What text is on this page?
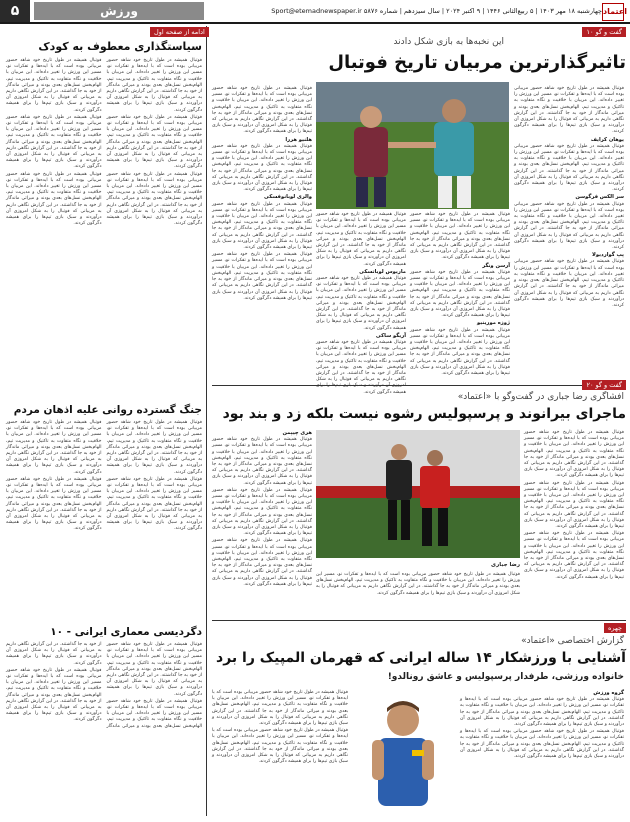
۵	ورزش	چهارشنبه ۱۸ مهر ۱۴۰۳ | ۵ ربیع‌الثانی ۱۴۴۶ | ۹ اکتبر ۲۰۲۴ | سال سیزدهم | شماره ۵۸۷۶ Sport@etemadnewspaper.ir اعتماد
گفت و گو ۱۰
این نخبه‌ها به بازی شکل دادند
تاثیرگذارترین مربیان تاریخ فوتبال

فوتبال همیشه در طول تاریخ خود شاهد حضور مربیانی بوده است که با ایده‌ها و تفکرات نو، مسیر این ورزش را تغییر داده‌اند. این مربیان با خلاقیت و نگاه متفاوت به تاکتیک و مدیریت تیم، الهام‌بخش نسل‌های بعدی بودند و میراثی ماندگار از خود به جا گذاشتند. در این گزارش نگاهی داریم به مربیانی که فوتبال را به شکل امروزی آن درآوردند و سبک بازی تیم‌ها را برای همیشه دگرگون کردند.

یوهان کرایف

فوتبال همیشه در طول تاریخ خود شاهد حضور مربیانی بوده است که با ایده‌ها و تفکرات نو، مسیر این ورزش را تغییر داده‌اند. این مربیان با خلاقیت و نگاه متفاوت به تاکتیک و مدیریت تیم، الهام‌بخش نسل‌های بعدی بودند و میراثی ماندگار از خود به جا گذاشتند. در این گزارش نگاهی داریم به مربیانی که فوتبال را به شکل امروزی آن درآوردند و سبک بازی تیم‌ها را برای همیشه دگرگون کردند.

سر الکس فرگوسن

فوتبال همیشه در طول تاریخ خود شاهد حضور مربیانی بوده است که با ایده‌ها و تفکرات نو، مسیر این ورزش را تغییر داده‌اند. این مربیان با خلاقیت و نگاه متفاوت به تاکتیک و مدیریت تیم، الهام‌بخش نسل‌های بعدی بودند و میراثی ماندگار از خود به جا گذاشتند. در این گزارش نگاهی داریم به مربیانی که فوتبال را به شکل امروزی آن درآوردند و سبک بازی تیم‌ها را برای همیشه دگرگون کردند.

پپ گواردیولا

فوتبال همیشه در طول تاریخ خود شاهد حضور مربیانی بوده است که با ایده‌ها و تفکرات نو، مسیر این ورزش را تغییر داده‌اند. این مربیان با خلاقیت و نگاه متفاوت به تاکتیک و مدیریت تیم، الهام‌بخش نسل‌های بعدی بودند و میراثی ماندگار از خود به جا گذاشتند. در این گزارش نگاهی داریم به مربیانی که فوتبال را به شکل امروزی آن درآوردند و سبک بازی تیم‌ها را برای همیشه دگرگون کردند.

فوتبال همیشه در طول تاریخ خود شاهد حضور مربیانی بوده است که با ایده‌ها و تفکرات نو، مسیر این ورزش را تغییر داده‌اند. این مربیان با خلاقیت و نگاه متفاوت به تاکتیک و مدیریت تیم، الهام‌بخش نسل‌های بعدی بودند و میراثی ماندگار از خود به جا گذاشتند. در این گزارش نگاهی داریم به مربیانی که فوتبال را به شکل امروزی آن درآوردند و سبک بازی تیم‌ها را برای همیشه دگرگون کردند.

آرسن ونگر

فوتبال همیشه در طول تاریخ خود شاهد حضور مربیانی بوده است که با ایده‌ها و تفکرات نو، مسیر این ورزش را تغییر داده‌اند. این مربیان با خلاقیت و نگاه متفاوت به تاکتیک و مدیریت تیم، الهام‌بخش نسل‌های بعدی بودند و میراثی ماندگار از خود به جا گذاشتند. در این گزارش نگاهی داریم به مربیانی که فوتبال را به شکل امروزی آن درآوردند و سبک بازی تیم‌ها را برای همیشه دگرگون کردند.

ژوزه مورینیو

فوتبال همیشه در طول تاریخ خود شاهد حضور مربیانی بوده است که با ایده‌ها و تفکرات نو، مسیر این ورزش را تغییر داده‌اند. این مربیان با خلاقیت و نگاه متفاوت به تاکتیک و مدیریت تیم، الهام‌بخش نسل‌های بعدی بودند و میراثی ماندگار از خود به جا گذاشتند. در این گزارش نگاهی داریم به مربیانی که فوتبال را به شکل امروزی آن درآوردند و سبک بازی تیم‌ها را برای همیشه دگرگون کردند.

فوتبال همیشه در طول تاریخ خود شاهد حضور مربیانی بوده است که با ایده‌ها و تفکرات نو، مسیر این ورزش را تغییر داده‌اند. این مربیان با خلاقیت و نگاه متفاوت به تاکتیک و مدیریت تیم، الهام‌بخش نسل‌های بعدی بودند و میراثی ماندگار از خود به جا گذاشتند. در این گزارش نگاهی داریم به مربیانی که فوتبال را به شکل امروزی آن درآوردند و سبک بازی تیم‌ها را برای همیشه دگرگون کردند.

ماریوس لوباتسکی

فوتبال همیشه در طول تاریخ خود شاهد حضور مربیانی بوده است که با ایده‌ها و تفکرات نو، مسیر این ورزش را تغییر داده‌اند. این مربیان با خلاقیت و نگاه متفاوت به تاکتیک و مدیریت تیم، الهام‌بخش نسل‌های بعدی بودند و میراثی ماندگار از خود به جا گذاشتند. در این گزارش نگاهی داریم به مربیانی که فوتبال را به شکل امروزی آن درآوردند و سبک بازی تیم‌ها را برای همیشه دگرگون کردند.

آریگو ساکی

فوتبال همیشه در طول تاریخ خود شاهد حضور مربیانی بوده است که با ایده‌ها و تفکرات نو، مسیر این ورزش را تغییر داده‌اند. این مربیان با خلاقیت و نگاه متفاوت به تاکتیک و مدیریت تیم، الهام‌بخش نسل‌های بعدی بودند و میراثی ماندگار از خود به جا گذاشتند. در این گزارش نگاهی داریم به مربیانی که فوتبال را به شکل همیشه دگرگون کردند.

فوتبال همیشه در طول تاریخ خود شاهد حضور مربیانی بوده است که با ایده‌ها و تفکرات نو، مسیر این ورزش را تغییر داده‌اند. این مربیان با خلاقیت و نگاه متفاوت به تاکتیک و مدیریت تیم، الهام‌بخش نسل‌های بعدی بودند و میراثی ماندگار از خود به جا گذاشتند. در این گزارش نگاهی داریم به مربیانی که فوتبال را به شکل امروزی آن درآوردند و سبک بازی تیم‌ها را برای همیشه دگرگون کردند.

هلنیو هررا

فوتبال همیشه در طول تاریخ خود شاهد حضور مربیانی بوده است که با ایده‌ها و تفکرات نو، مسیر این ورزش را تغییر داده‌اند. این مربیان با خلاقیت و نگاه متفاوت به تاکتیک و مدیریت تیم، الهام‌بخش نسل‌های بعدی بودند و میراثی ماندگار از خود به جا گذاشتند. در این گزارش نگاهی داریم به مربیانی که فوتبال را به شکل امروزی آن درآوردند و سبک بازی تیم‌ها را برای همیشه دگرگون کردند.

والری لوبانوفسکی

فوتبال همیشه در طول تاریخ خود شاهد حضور مربیانی بوده است که با ایده‌ها و تفکرات نو، مسیر این ورزش را تغییر داده‌اند. این مربیان با خلاقیت و نگاه متفاوت به تاکتیک و مدیریت تیم، الهام‌بخش نسل‌های بعدی بودند و میراثی ماندگار از خود به جا گذاشتند. در این گزارش نگاهی داریم به مربیانی که فوتبال را به شکل امروزی آن درآوردند و سبک بازی تیم‌ها را برای همیشه دگرگون کردند.

فوتبال همیشه در طول تاریخ خود شاهد حضور مربیانی بوده است که با ایده‌ها و تفکرات نو، مسیر این ورزش را تغییر داده‌اند. این مربیان با خلاقیت و نگاه متفاوت به تاکتیک و مدیریت تیم، الهام‌بخش نسل‌های بعدی بودند و میراثی ماندگار از خود به جا گذاشتند. در این گزارش نگاهی داریم به مربیانی که فوتبال را به شکل امروزی آن درآوردند و سبک بازی تیم‌ها را برای همیشه دگرگون کردند.

گفت و گو ۲۰
افشاگری رضا جباری در گفت‌وگو با «اعتماد»
ماجرای بیرانوند و پرسپولیس رشوه نیست بلکه زد و بند بود
رضا جباری

فوتبال همیشه در طول تاریخ خود شاهد حضور مربیانی بوده است که با ایده‌ها و تفکرات نو، مسیر این ورزش را تغییر داده‌اند. این مربیان با خلاقیت و نگاه متفاوت به تاکتیک و مدیریت تیم، الهام‌بخش نسل‌های بعدی بودند و میراثی ماندگار از خود به جا گذاشتند. در این گزارش نگاهی داریم به مربیانی که فوتبال را به شکل امروزی آن درآوردند و سبک بازی تیم‌ها را برای همیشه دگرگون کردند.

فوتبال همیشه در طول تاریخ خود شاهد حضور مربیانی بوده است که با ایده‌ها و تفکرات نو، مسیر این ورزش را تغییر داده‌اند. این مربیان با خلاقیت و نگاه متفاوت به تاکتیک و مدیریت تیم، الهام‌بخش نسل‌های بعدی بودند و میراثی ماندگار از خود به جا گذاشتند. در این گزارش نگاهی داریم به مربیانی که فوتبال را به شکل امروزی آن درآوردند و سبک بازی تیم‌ها را برای همیشه دگرگون کردند.

فوتبال همیشه در طول تاریخ خود شاهد حضور مربیانی بوده است که با ایده‌ها و تفکرات نو، مسیر این ورزش را تغییر داده‌اند. این مربیان با خلاقیت و نگاه متفاوت به تاکتیک و مدیریت تیم، الهام‌بخش نسل‌های بعدی بودند و میراثی ماندگار از خود به جا گذاشتند. در این گزارش نگاهی داریم به مربیانی که فوتبال را به شکل امروزی آن درآوردند و سبک بازی تیم‌ها را برای همیشه دگرگون کردند.

هری چیپمن

فوتبال همیشه در طول تاریخ خود شاهد حضور مربیانی بوده است که با ایده‌ها و تفکرات نو، مسیر این ورزش را تغییر داده‌اند. این مربیان با خلاقیت و نگاه متفاوت به تاکتیک و مدیریت تیم، الهام‌بخش نسل‌های بعدی بودند و میراثی ماندگار از خود به جا گذاشتند. در این گزارش نگاهی داریم به مربیانی که فوتبال را به شکل امروزی آن درآوردند و سبک بازی تیم‌ها را برای همیشه دگرگون کردند.

فوتبال همیشه در طول تاریخ خود شاهد حضور مربیانی بوده است که با ایده‌ها و تفکرات نو، مسیر این ورزش را تغییر داده‌اند. این مربیان با خلاقیت و نگاه متفاوت به تاکتیک و مدیریت تیم، الهام‌بخش نسل‌های بعدی بودند و میراثی ماندگار از خود به جا گذاشتند. در این گزارش نگاهی داریم به مربیانی که فوتبال را به شکل امروزی آن درآوردند و سبک بازی تیم‌ها را برای همیشه دگرگون کردند.

فوتبال همیشه در طول تاریخ خود شاهد حضور مربیانی بوده است که با ایده‌ها و تفکرات نو، مسیر این ورزش را تغییر داده‌اند. این مربیان با خلاقیت و نگاه متفاوت به تاکتیک و مدیریت تیم، الهام‌بخش نسل‌های بعدی بودند و میراثی ماندگار از خود به جا گذاشتند. در این گزارش نگاهی داریم به مربیانی که فوتبال را به شکل امروزی آن درآوردند و سبک بازی تیم‌ها را برای همیشه دگرگون کردند.

فوتبال همیشه در طول تاریخ خود شاهد حضور مربیانی بوده است که با ایده‌ها و تفکرات نو، مسیر این ورزش را تغییر داده‌اند. این مربیان با خلاقیت و نگاه متفاوت به تاکتیک و مدیریت تیم، الهام‌بخش نسل‌های بعدی بودند و میراثی ماندگار از خود به جا گذاشتند. در این گزارش نگاهی داریم به مربیانی که فوتبال را به شکل امروزی آن درآوردند و سبک بازی تیم‌ها را برای همیشه دگرگون کردند.

چهره
گزارش اختصاصی «اعتماد»
آشنایی با ورزشکار ۱۴ ساله ایرانی که قهرمان المپیک را برد
خانواده ورزشی، طرفدار پرسپولیس و عاشق رونالدو!

گروه ورزش

فوتبال همیشه در طول تاریخ خود شاهد حضور مربیانی بوده است که با ایده‌ها و تفکرات نو، مسیر این ورزش را تغییر داده‌اند. این مربیان با خلاقیت و نگاه متفاوت به تاکتیک و مدیریت تیم، الهام‌بخش نسل‌های بعدی بودند و میراثی ماندگار از خود به جا گذاشتند. در این گزارش نگاهی داریم به مربیانی که فوتبال را به شکل امروزی آن درآوردند و سبک بازی تیم‌ها را برای همیشه دگرگون کردند.

فوتبال همیشه در طول تاریخ خود شاهد حضور مربیانی بوده است که با ایده‌ها و تفکرات نو، مسیر این ورزش را تغییر داده‌اند. این مربیان با خلاقیت و نگاه متفاوت به تاکتیک و مدیریت تیم، الهام‌بخش نسل‌های بعدی بودند و میراثی ماندگار از خود به جا گذاشتند. در این گزارش نگاهی داریم به مربیانی که فوتبال را به شکل امروزی آن درآوردند و سبک بازی تیم‌ها را برای همیشه دگرگون کردند.

فوتبال همیشه در طول تاریخ خود شاهد حضور مربیانی بوده است که با ایده‌ها و تفکرات نو، مسیر این ورزش را تغییر داده‌اند. این مربیان با خلاقیت و نگاه متفاوت به تاکتیک و مدیریت تیم، الهام‌بخش نسل‌های بعدی بودند و میراثی ماندگار از خود به جا گذاشتند. در این گزارش نگاهی داریم به مربیانی که فوتبال را به شکل امروزی آن درآوردند و سبک بازی تیم‌ها را برای همیشه دگرگون کردند.

فوتبال همیشه در طول تاریخ خود شاهد حضور مربیانی بوده است که با ایده‌ها و تفکرات نو، مسیر این ورزش را تغییر داده‌اند. این مربیان با خلاقیت و نگاه متفاوت به تاکتیک و مدیریت تیم، الهام‌بخش نسل‌های بعدی بودند و میراثی ماندگار از خود به جا گذاشتند. در این گزارش نگاهی داریم به مربیانی که فوتبال را به شکل امروزی آن درآوردند و سبک بازی تیم‌ها را برای همیشه دگرگون کردند.

ادامه از صفحه اول
سیاستگذاری معطوف به کودک

فوتبال همیشه در طول تاریخ خود شاهد حضور مربیانی بوده است که با ایده‌ها و تفکرات نو، مسیر این ورزش را تغییر داده‌اند. این مربیان با خلاقیت و نگاه متفاوت به تاکتیک و مدیریت تیم، الهام‌بخش نسل‌های بعدی بودند و میراثی ماندگار از خود به جا گذاشتند. در این گزارش نگاهی داریم به مربیانی که فوتبال را به شکل امروزی آن درآوردند و سبک بازی تیم‌ها را برای همیشه دگرگون کردند.

فوتبال همیشه در طول تاریخ خود شاهد حضور مربیانی بوده است که با ایده‌ها و تفکرات نو، مسیر این ورزش را تغییر داده‌اند. این مربیان با خلاقیت و نگاه متفاوت به تاکتیک و مدیریت تیم، الهام‌بخش نسل‌های بعدی بودند و میراثی ماندگار از خود به جا گذاشتند. در این گزارش نگاهی داریم به مربیانی که فوتبال را به شکل امروزی آن درآوردند و سبک بازی تیم‌ها را برای همیشه دگرگون کردند.

فوتبال همیشه در طول تاریخ خود شاهد حضور مربیانی بوده است که با ایده‌ها و تفکرات نو، مسیر این ورزش را تغییر داده‌اند. این مربیان با خلاقیت و نگاه متفاوت به تاکتیک و مدیریت تیم، الهام‌بخش نسل‌های بعدی بودند و میراثی ماندگار از خود به جا گذاشتند. در این گزارش نگاهی داریم به مربیانی که فوتبال را به شکل امروزی آن درآوردند و سبک بازی تیم‌ها را برای همیشه دگرگون کردند.

فوتبال همیشه در طول تاریخ خود شاهد حضور مربیانی بوده است که با ایده‌ها و تفکرات نو، مسیر این ورزش را تغییر داده‌اند. این مربیان با خلاقیت و نگاه متفاوت به تاکتیک و مدیریت تیم، الهام‌بخش نسل‌های بعدی بودند و میراثی ماندگار از خود به جا گذاشتند. در این گزارش نگاهی داریم به مربیانی که فوتبال را به شکل امروزی آن درآوردند و سبک بازی تیم‌ها را برای همیشه دگرگون کردند.

فوتبال همیشه در طول تاریخ خود شاهد حضور مربیانی بوده است که با ایده‌ها و تفکرات نو، مسیر این ورزش را تغییر داده‌اند. این مربیان با خلاقیت و نگاه متفاوت به تاکتیک و مدیریت تیم، الهام‌بخش نسل‌های بعدی بودند و میراثی ماندگار از خود به جا گذاشتند. در این گزارش نگاهی داریم به مربیانی که فوتبال را به شکل امروزی آن درآوردند و سبک بازی تیم‌ها را برای همیشه دگرگون کردند.

فوتبال همیشه در طول تاریخ خود شاهد حضور مربیانی بوده است که با ایده‌ها و تفکرات نو، مسیر این ورزش را تغییر داده‌اند. این مربیان با خلاقیت و نگاه متفاوت به تاکتیک و مدیریت تیم، الهام‌بخش نسل‌های بعدی بودند و میراثی ماندگار از خود به جا گذاشتند. در این گزارش نگاهی داریم به مربیانی که فوتبال را به شکل امروزی آن درآوردند و سبک بازی تیم‌ها را برای همیشه دگرگون کردند.

جنگ گسترده روانی علیه اذهان مردم

فوتبال همیشه در طول تاریخ خود شاهد حضور مربیانی بوده است که با ایده‌ها و تفکرات نو، مسیر این ورزش را تغییر داده‌اند. این مربیان با خلاقیت و نگاه متفاوت به تاکتیک و مدیریت تیم، الهام‌بخش نسل‌های بعدی بودند و میراثی ماندگار از خود به جا گذاشتند. در این گزارش نگاهی داریم به مربیانی که فوتبال را به شکل امروزی آن درآوردند و سبک بازی تیم‌ها را برای همیشه دگرگون کردند.

فوتبال همیشه در طول تاریخ خود شاهد حضور مربیانی بوده است که با ایده‌ها و تفکرات نو، مسیر این ورزش را تغییر داده‌اند. این مربیان با خلاقیت و نگاه متفاوت به تاکتیک و مدیریت تیم، الهام‌بخش نسل‌های بعدی بودند و میراثی ماندگار از خود به جا گذاشتند. در این گزارش نگاهی داریم به مربیانی که فوتبال را به شکل امروزی آن درآوردند و سبک بازی تیم‌ها را برای همیشه دگرگون کردند.

فوتبال همیشه در طول تاریخ خود شاهد حضور مربیانی بوده است که با ایده‌ها و تفکرات نو، مسیر این ورزش را تغییر داده‌اند. این مربیان با خلاقیت و نگاه متفاوت به تاکتیک و مدیریت تیم، الهام‌بخش نسل‌های بعدی بودند و میراثی ماندگار از خود به جا گذاشتند. در این گزارش نگاهی داریم به مربیانی که فوتبال را به شکل امروزی آن درآوردند و سبک بازی تیم‌ها را برای همیشه دگرگون کردند.

فوتبال همیشه در طول تاریخ خود شاهد حضور مربیانی بوده است که با ایده‌ها و تفکرات نو، مسیر این ورزش را تغییر داده‌اند. این مربیان با خلاقیت و نگاه متفاوت به تاکتیک و مدیریت تیم، الهام‌بخش نسل‌های بعدی بودند و میراثی ماندگار از خود به جا گذاشتند. در این گزارش نگاهی داریم به مربیانی که فوتبال را به شکل امروزی آن درآوردند و سبک بازی تیم‌ها را برای همیشه دگرگون کردند.

دگردیسی معماری ایرانی - ۱۰

فوتبال همیشه در طول تاریخ خود شاهد حضور مربیانی بوده است که با ایده‌ها و تفکرات نو، مسیر این ورزش را تغییر داده‌اند. این مربیان با خلاقیت و نگاه متفاوت به تاکتیک و مدیریت تیم، الهام‌بخش نسل‌های بعدی بودند و میراثی ماندگار از خود به جا گذاشتند. در این گزارش نگاهی داریم به مربیانی که فوتبال را به شکل امروزی آن درآوردند و سبک بازی تیم‌ها را برای همیشه دگرگون کردند.

فوتبال همیشه در طول تاریخ خود شاهد حضور مربیانی بوده است که با ایده‌ها و تفکرات نو، مسیر این ورزش را تغییر داده‌اند. این مربیان با خلاقیت و نگاه متفاوت به تاکتیک و مدیریت تیم، الهام‌بخش نسل‌های بعدی بودند و میراثی ماندگار از خود به جا گذاشتند. در این گزارش نگاهی داریم به مربیانی که فوتبال را به شکل امروزی آن درآوردند و سبک بازی تیم‌ها را برای همیشه دگرگون کردند.

فوتبال همیشه در طول تاریخ خود شاهد حضور مربیانی بوده است که با ایده‌ها و تفکرات نو، مسیر این ورزش را تغییر داده‌اند. این مربیان با خلاقیت و نگاه متفاوت به تاکتیک و مدیریت تیم، الهام‌بخش نسل‌های بعدی بودند و میراثی ماندگار از خود به جا گذاشتند. در این گزارش نگاهی داریم به مربیانی که فوتبال را به شکل امروزی آن درآوردند و سبک بازی تیم‌ها را برای همیشه دگرگون کردند.
